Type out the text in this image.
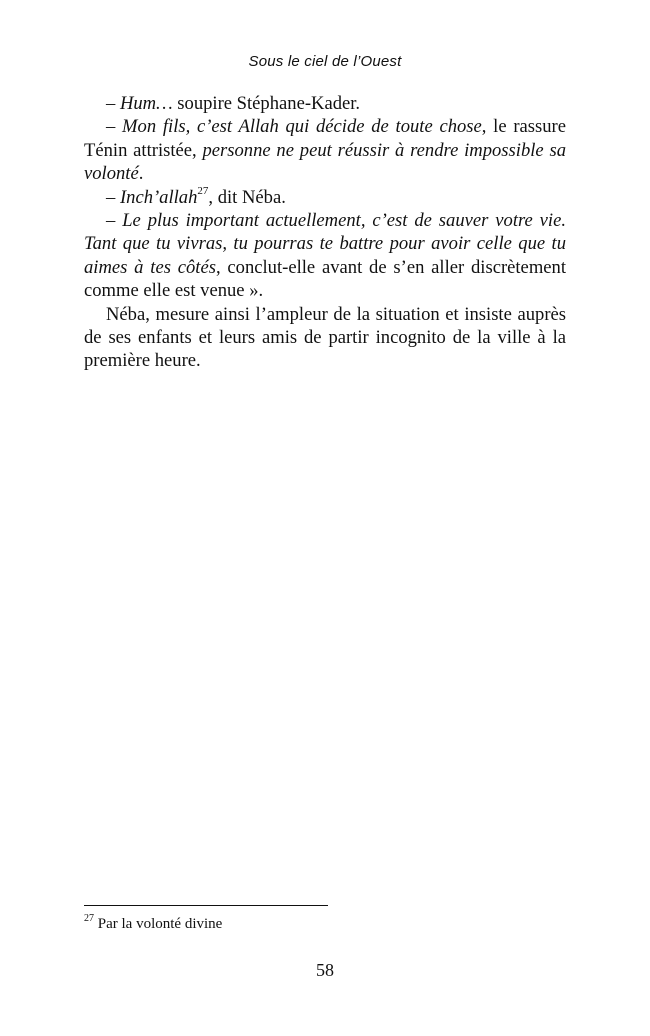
Sous le ciel de l’Ouest

– Hum… soupire Stéphane-Kader.

– Mon fils, c’est Allah qui décide de toute chose, le rassure Ténin attristée, personne ne peut réussir à rendre impossible sa volonté.

– Inch’allah$^{27}$, dit Néba.

– Le plus important actuellement, c’est de sauver votre vie. Tant que tu vivras, tu pourras te battre pour avoir celle que tu aimes à tes côtés, conclut-elle avant de s’en aller discrètement comme elle est venue ».

Néba, mesure ainsi l’ampleur de la situation et insiste auprès de ses enfants et leurs amis de partir incognito de la ville à la première heure.

$^{27}$ Par la volonté divine
58
